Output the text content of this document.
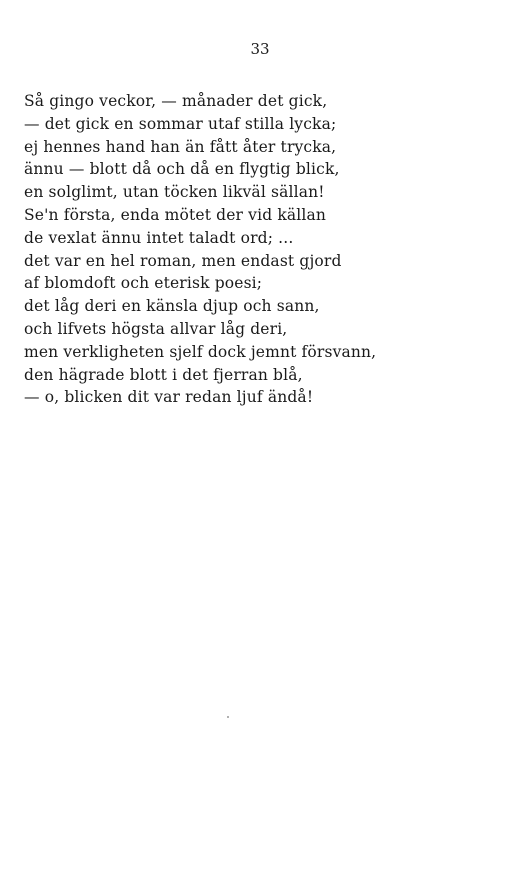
33
Så gingo veckor, — månader det gick,
— det gick en sommar utaf stilla lycka;
ej hennes hand han än fått åter trycka,
ännu — blott då och då en flygtig blick,
en solglimt, utan töcken likväl sällan!
Se'n första, enda mötet der vid källan
de vexlat ännu intet taladt ord; ...
det var en hel roman, men endast gjord
af blomdoft och eterisk poesi;
det låg deri en känsla djup och sann,
och lifvets högsta allvar låg deri,
men verkligheten sjelf dock jemnt försvann,
den hägrade blott i det fjerran blå,
— o, blicken dit var redan ljuf ändå!
